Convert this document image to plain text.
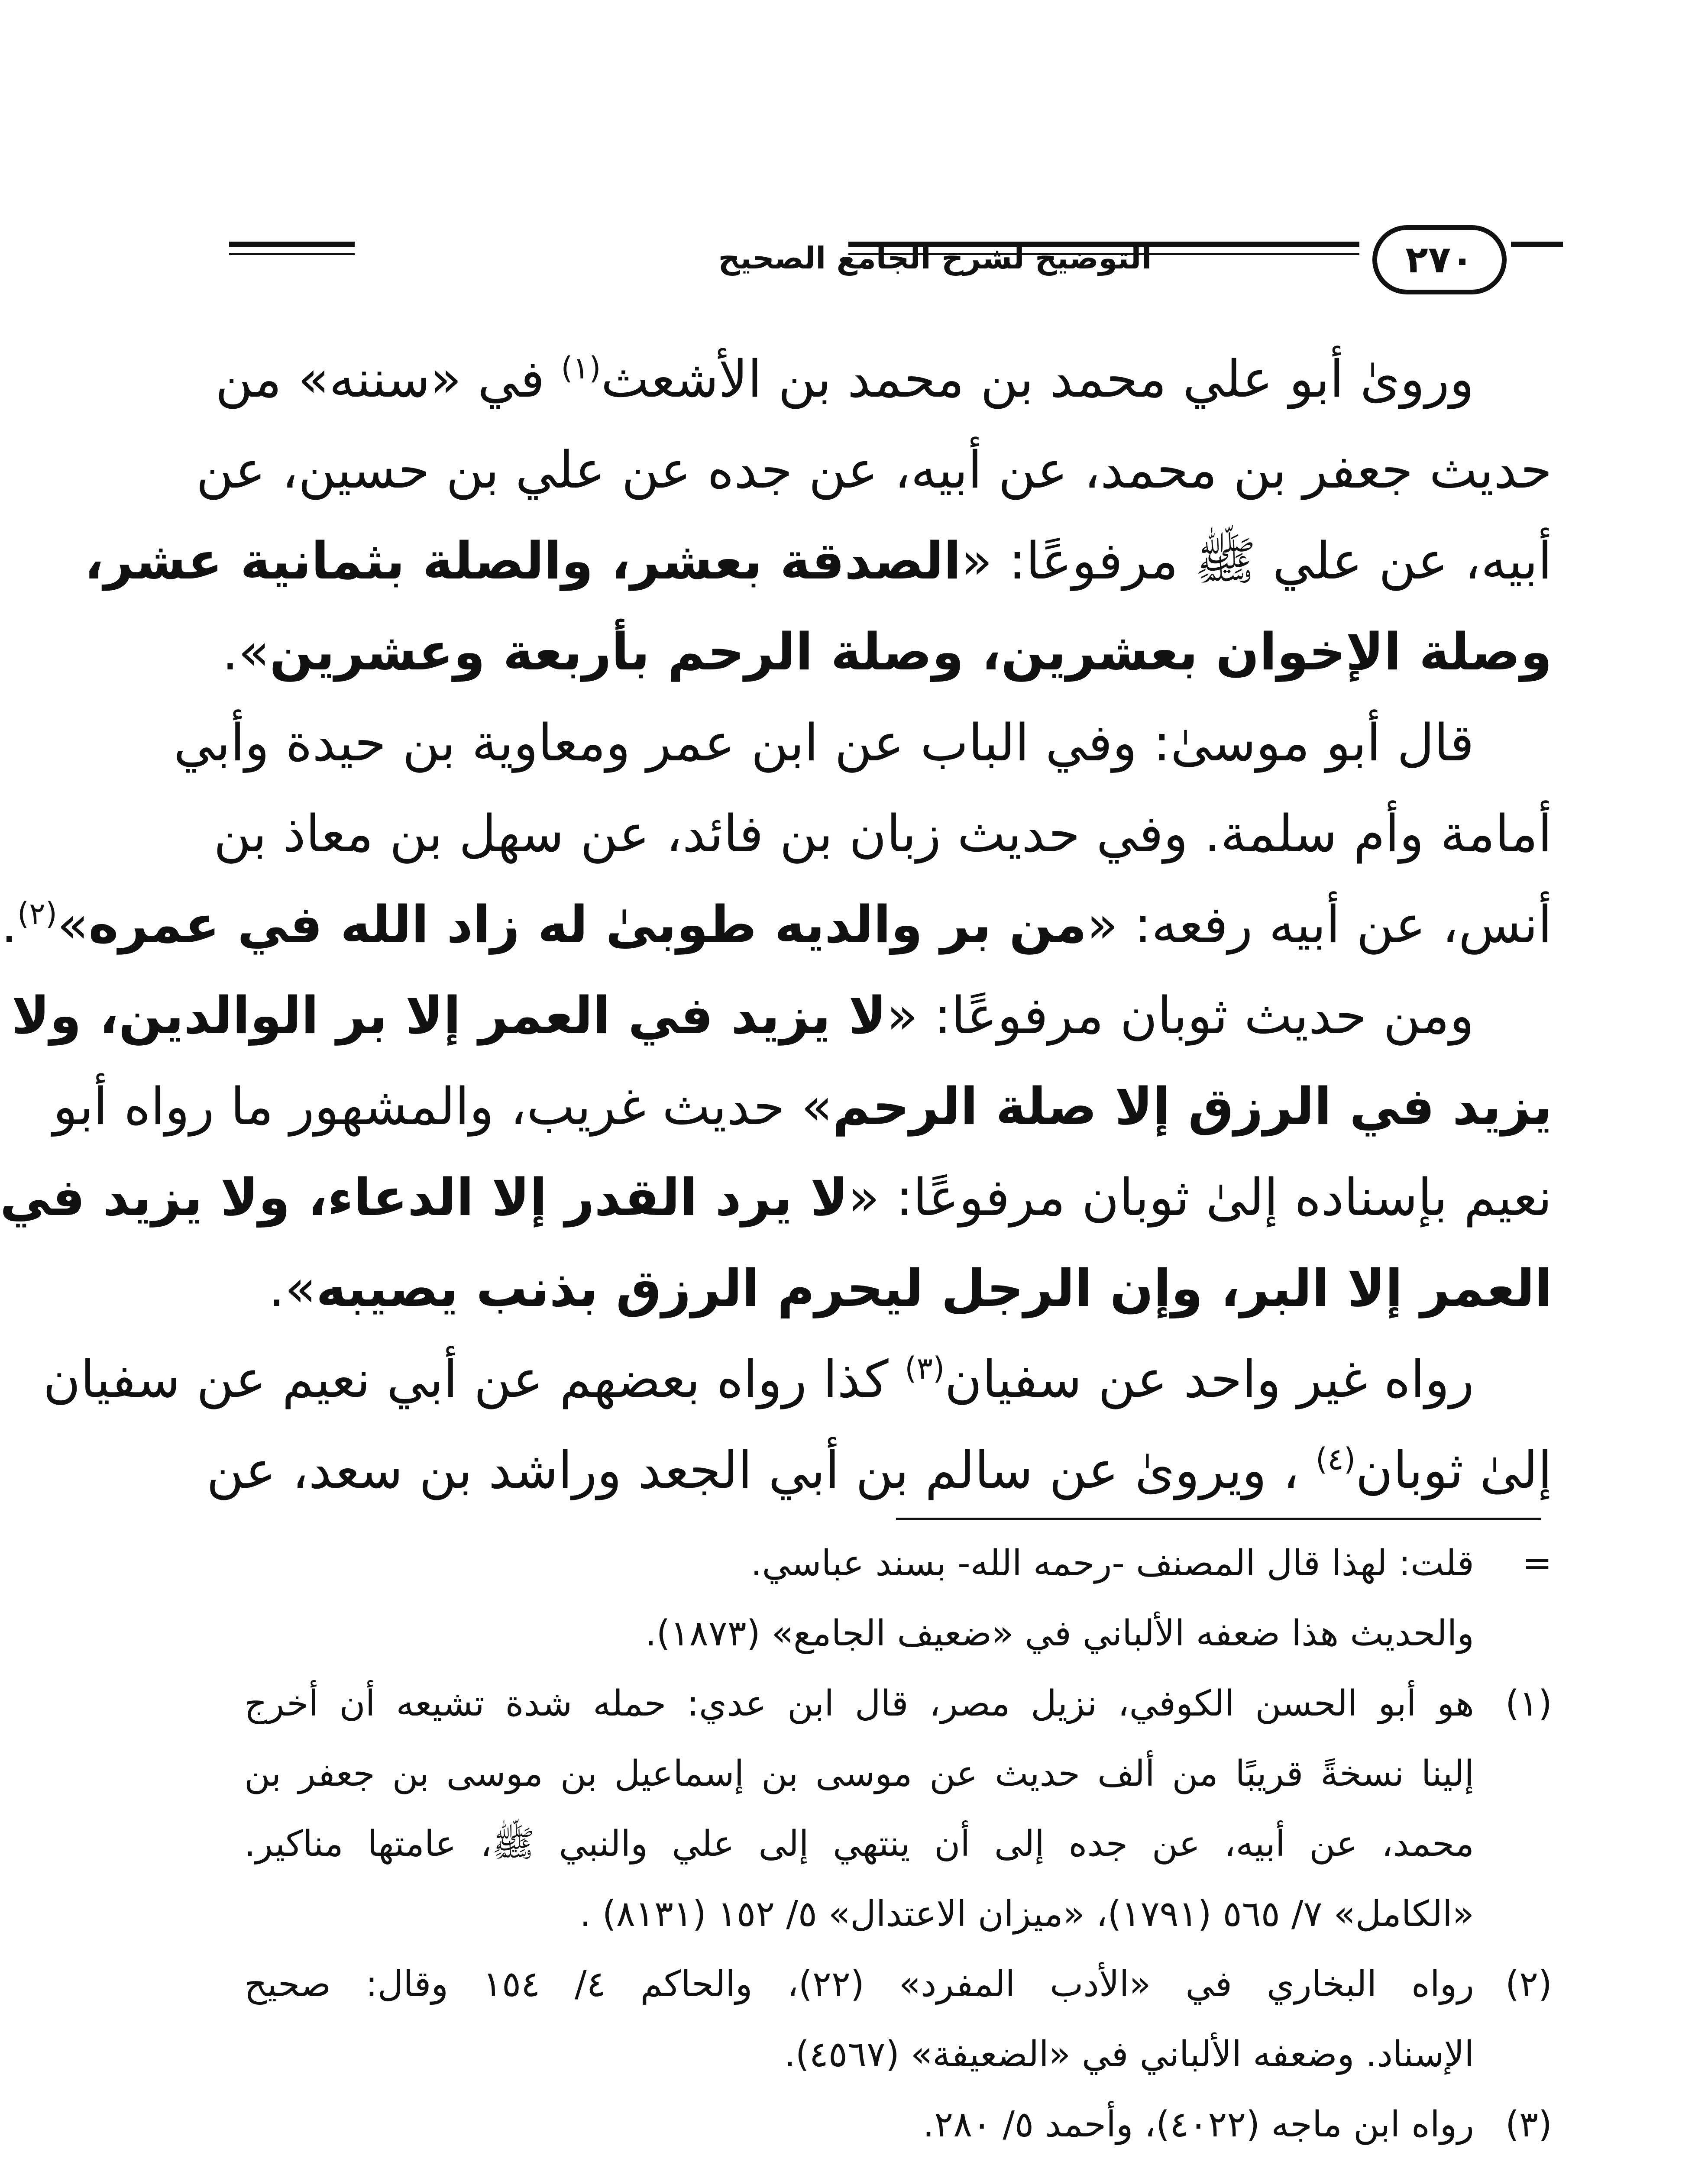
التوضيح لشرح الجامع الصحيح	٢٧٠
وروىٰ أبو علي محمد بن محمد بن الأشعث$^{(١)}$ في «سننه» من
حديث جعفر بن محمد، عن أبيه، عن جده عن علي بن حسين، عن
أبيه، عن علي ﷺ مرفوعًا: «الصدقة بعشر، والصلة بثمانية عشر،
وصلة الإخوان بعشرين، وصلة الرحم بأربعة وعشرين».
قال أبو موسىٰ: وفي الباب عن ابن عمر ومعاوية بن حيدة وأبي
أمامة وأم سلمة. وفي حديث زبان بن فائد، عن سهل بن معاذ بن
أنس، عن أبيه رفعه: «من بر والديه طوبىٰ له زاد الله في عمره»$^{(٢)}$.
ومن حديث ثوبان مرفوعًا: «لا يزيد في العمر إلا بر الوالدين، ولا
يزيد في الرزق إلا صلة الرحم» حديث غريب، والمشهور ما رواه أبو
نعيم بإسناده إلىٰ ثوبان مرفوعًا: «لا يرد القدر إلا الدعاء، ولا يزيد في
العمر إلا البر، وإن الرجل ليحرم الرزق بذنب يصيبه».
رواه غير واحد عن سفيان$^{(٣)}$ كذا رواه بعضهم عن أبي نعيم عن سفيان
إلىٰ ثوبان$^{(٤)}$ ، ويروىٰ عن سالم بن أبي الجعد وراشد بن سعد، عن
=
قلت: لهذا قال المصنف -رحمه الله- بسند عباسي.
والحديث هذا ضعفه الألباني في «ضعيف الجامع» (١٨٧٣).
(١)
هو أبو الحسن الكوفي، نزيل مصر، قال ابن عدي: حمله شدة تشيعه أن أخرج
إلينا نسخةً قريبًا من ألف حديث عن موسى بن إسماعيل بن موسى بن جعفر بن
محمد، عن أبيه، عن جده إلى أن ينتهي إلى علي والنبي ﷺ، عامتها مناكير.
«الكامل» ٧/ ٥٦٥ (١٧٩١)، «ميزان الاعتدال» ٥/ ١٥٢ (٨١٣١) .
(٢)
رواه البخاري في «الأدب المفرد» (٢٢)، والحاكم ٤/ ١٥٤ وقال: صحيح
الإسناد. وضعفه الألباني في «الضعيفة» (٤٥٦٧).
(٣)
رواه ابن ماجه (٤٠٢٢)، وأحمد ٥/ ٢٨٠.
